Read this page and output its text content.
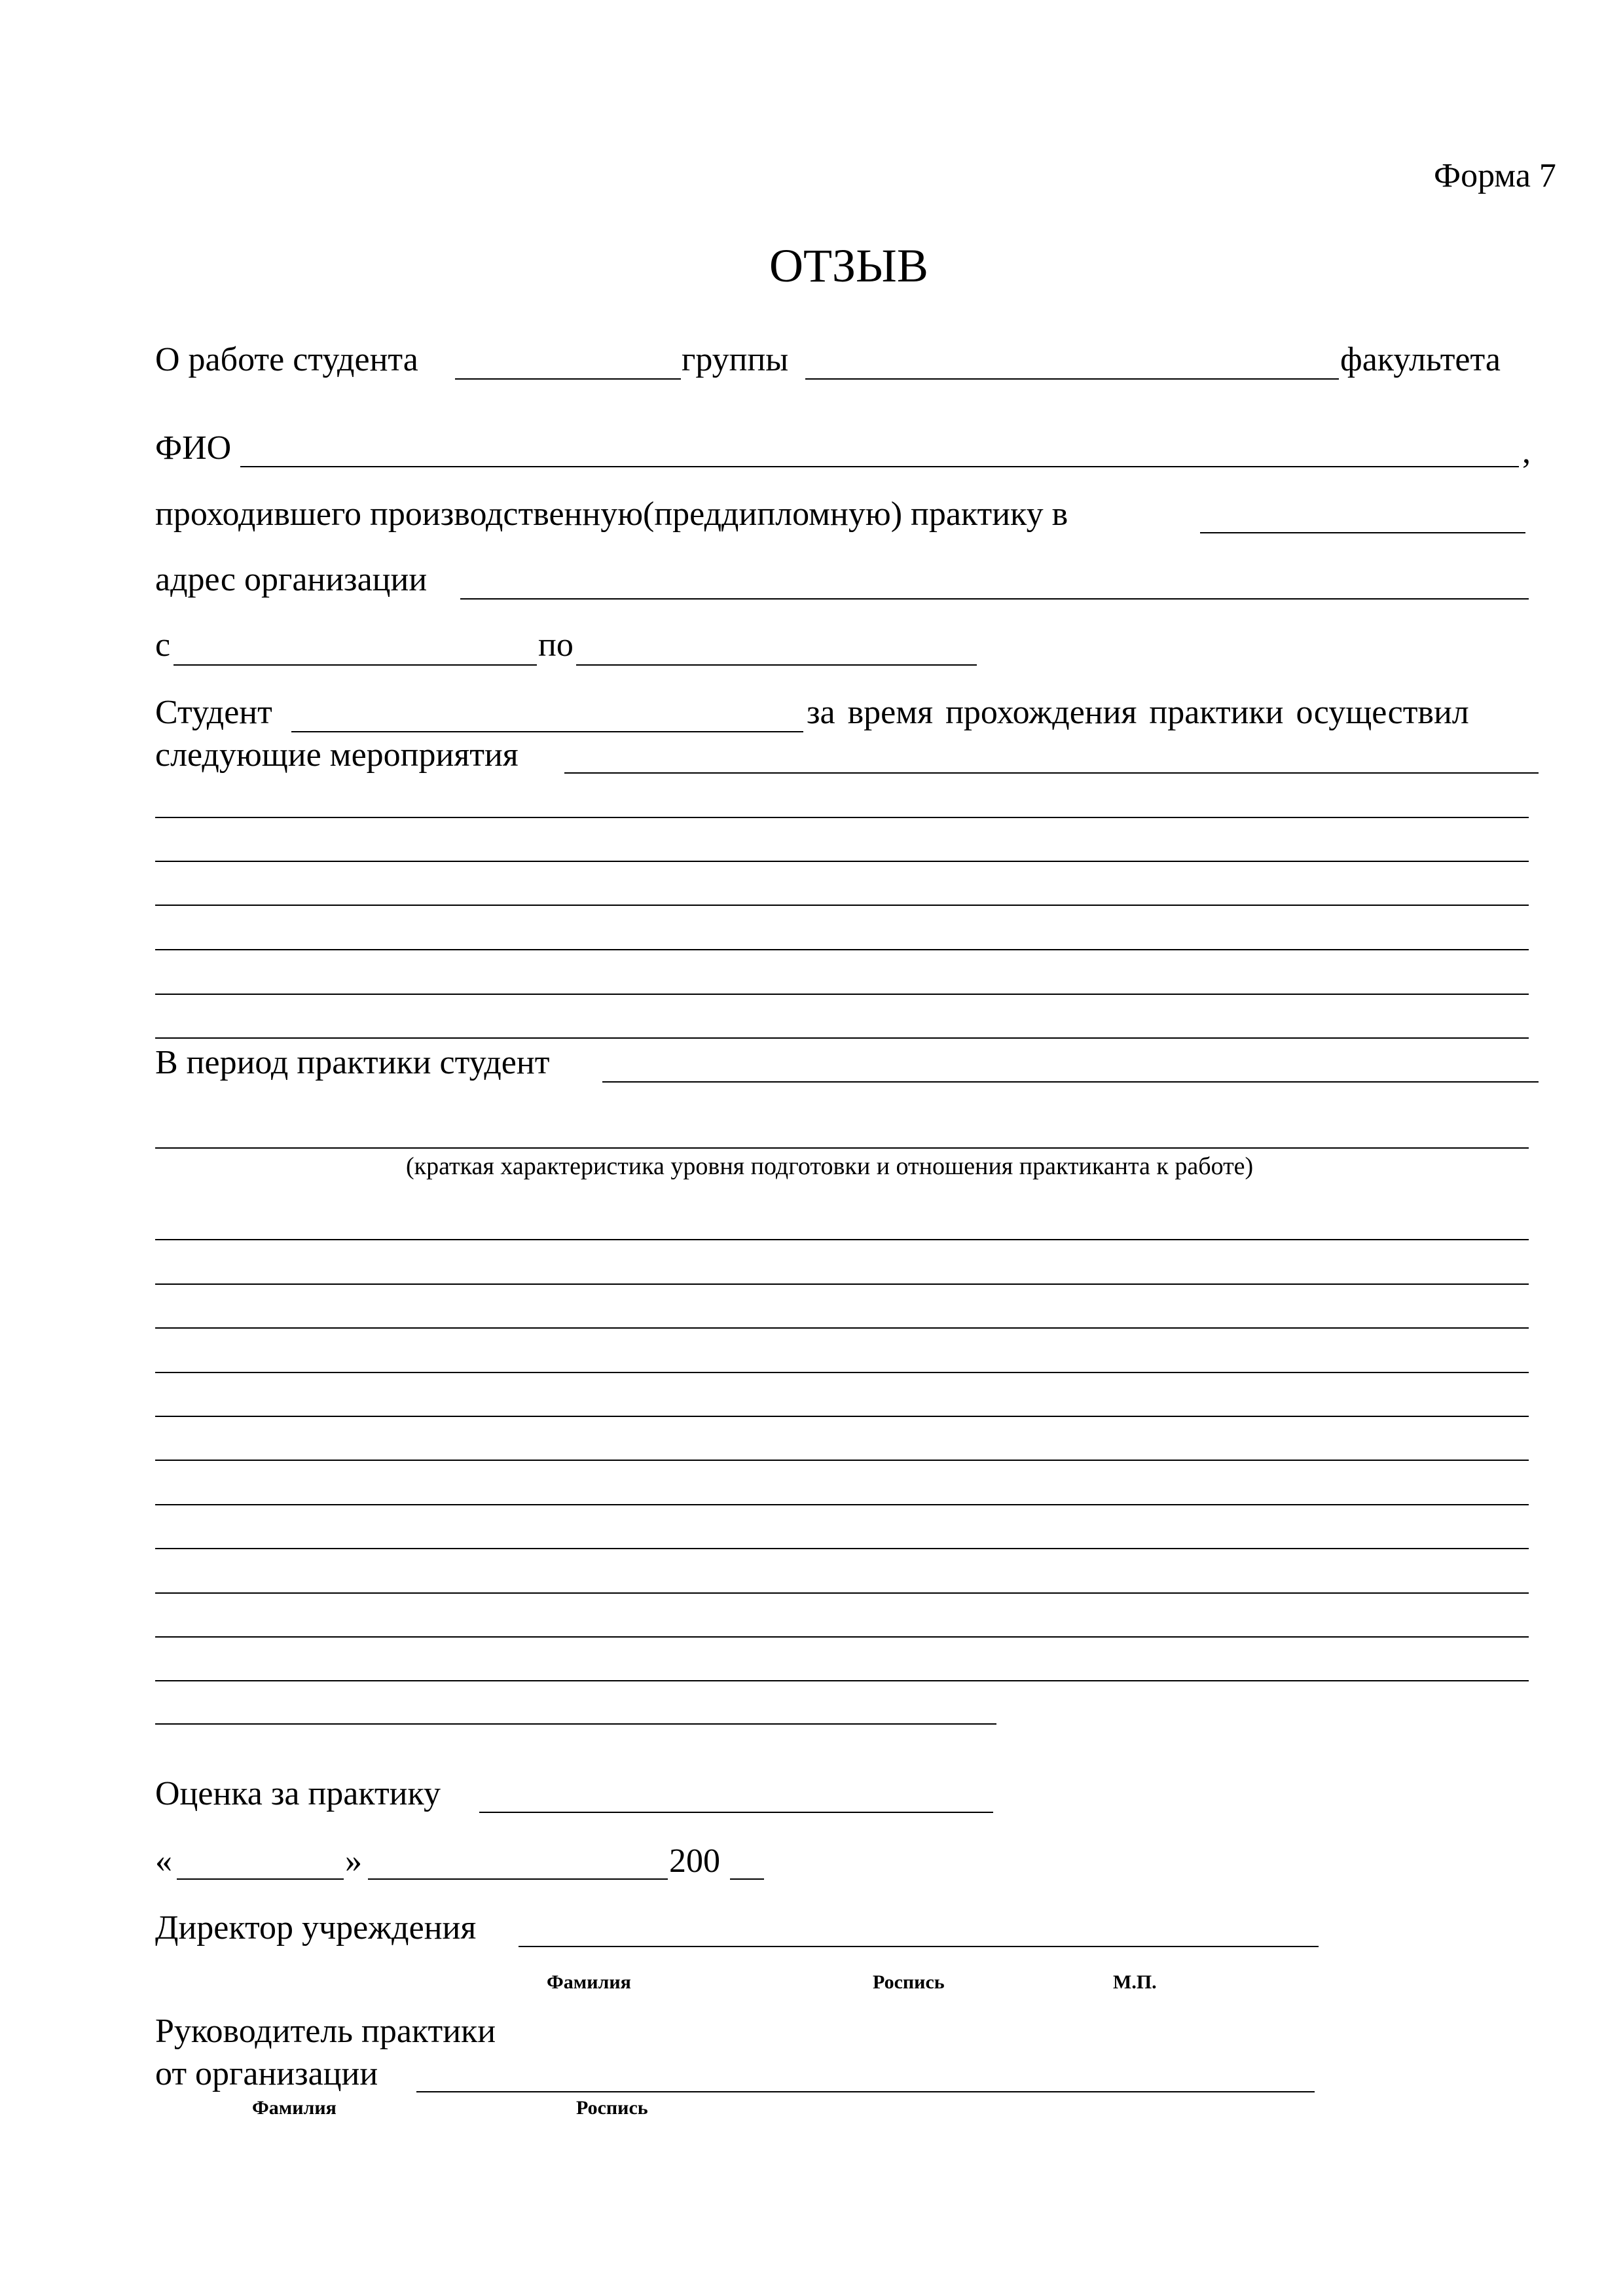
Форма 7
ОТЗЫВ
О работе студента	группы	факультета
ФИО	,
проходившего производственную(преддипломную) практику в
адрес организации
с	по
Студент	за время прохождения практики осуществил
следующие мероприятия
В период практики студент
(краткая характеристика уровня подготовки и отношения практиканта к работе)
Оценка за практику
«	»	200
Директор учреждения
Фамилия	Роспись	М.П.
Руководитель практики
от организации
Фамилия	Роспись
